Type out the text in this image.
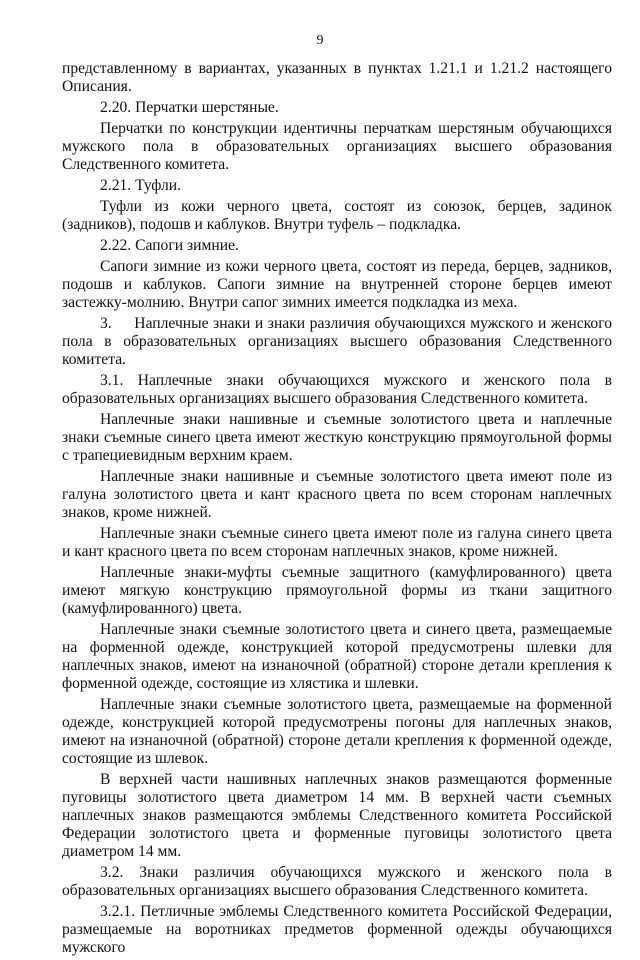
9

представленному в вариантах, указанных в пунктах 1.21.1 и 1.21.2 настоящего Описания.

2.20. Перчатки шерстяные.

Перчатки по конструкции идентичны перчаткам шерстяным обучающихся мужского пола в образовательных организациях высшего образования Следственного комитета.

2.21. Туфли.

Туфли из кожи черного цвета, состоят из союзок, берцев, задинок (задников), подошв и каблуков. Внутри туфель – подкладка.

2.22. Сапоги зимние.

Сапоги зимние из кожи черного цвета, состоят из переда, берцев, задников, подошв и каблуков. Сапоги зимние на внутренней стороне берцев имеют застежку-молнию. Внутри сапог зимних имеется подкладка из меха.

3.     Наплечные знаки и знаки различия обучающихся мужского и женского пола в образовательных организациях высшего образования Следственного комитета.

3.1. Наплечные знаки обучающихся мужского и женского пола в образовательных организациях высшего образования Следственного комитета.

Наплечные знаки нашивные и съемные золотистого цвета и наплечные знаки съемные синего цвета имеют жесткую конструкцию прямоугольной формы с трапециевидным верхним краем.

Наплечные знаки нашивные и съемные золотистого цвета имеют поле из галуна золотистого цвета и кант красного цвета по всем сторонам наплечных знаков, кроме нижней.

Наплечные знаки съемные синего цвета имеют поле из галуна синего цвета и кант красного цвета по всем сторонам наплечных знаков, кроме нижней.

Наплечные знаки-муфты съемные защитного (камуфлированного) цвета имеют мягкую конструкцию прямоугольной формы из ткани защитного (камуфлированного) цвета.

Наплечные знаки съемные золотистого цвета и синего цвета, размещаемые на форменной одежде, конструкцией которой предусмотрены шлевки для наплечных знаков, имеют на изнаночной (обратной) стороне детали крепления к форменной одежде, состоящие из хлястика и шлевки.

Наплечные знаки съемные золотистого цвета, размещаемые на форменной одежде, конструкцией которой предусмотрены погоны для наплечных знаков, имеют на изнаночной (обратной) стороне детали крепления к форменной одежде, состоящие из шлевок.

В верхней части нашивных наплечных знаков размещаются форменные пуговицы золотистого цвета диаметром 14 мм. В верхней части съемных наплечных знаков размещаются эмблемы Следственного комитета Российской Федерации золотистого цвета и форменные пуговицы золотистого цвета диаметром 14 мм.

3.2. Знаки различия обучающихся мужского и женского пола в образовательных организациях высшего образования Следственного комитета.

3.2.1. Петличные эмблемы Следственного комитета Российской Федерации, размещаемые на воротниках предметов форменной одежды обучающихся мужского
